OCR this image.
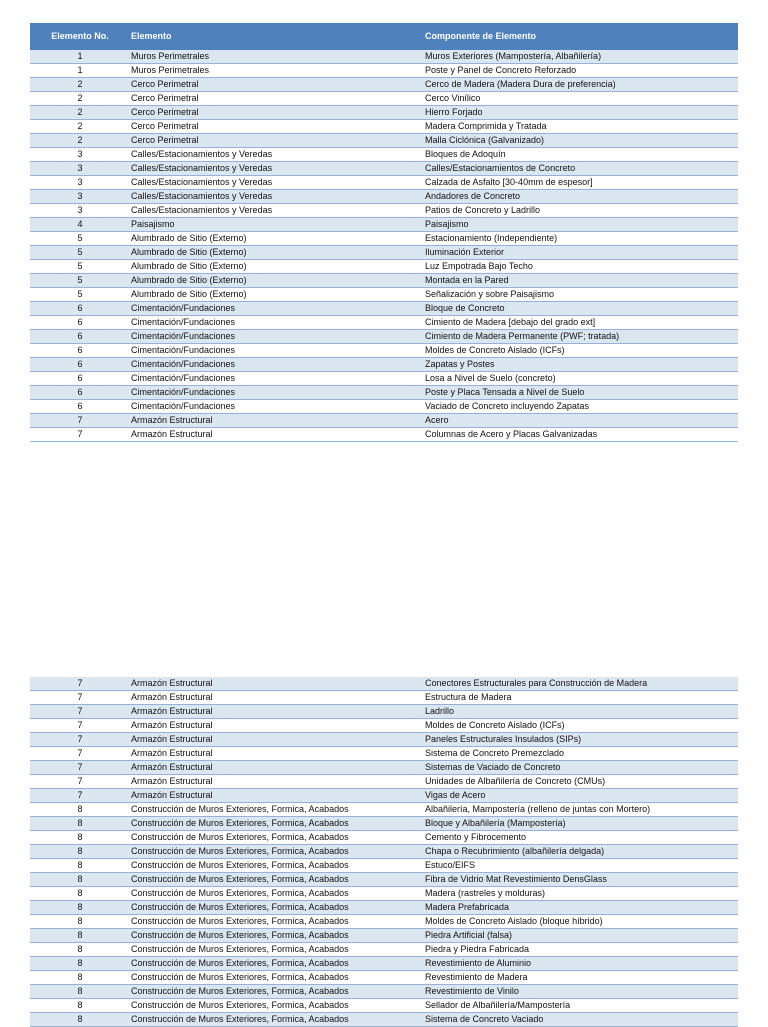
Elemento No.	Elemento	Componente de Elemento
1	Muros Perimetrales	Muros Exteriores (Mampostería, Albañilería)
1	Muros Perimetrales	Poste y Panel de Concreto Reforzado
2	Cerco Perimetral	Cerco de Madera (Madera Dura de preferencia)
2	Cerco Perimetral	Cerco Vinílico
2	Cerco Perimetral	Hierro Forjado
2	Cerco Perimetral	Madera Comprimida y Tratada
2	Cerco Perimetral	Malla Ciclónica (Galvanizado)
3	Calles/Estacionamientos y Veredas	Bloques de Adoquín
3	Calles/Estacionamientos y Veredas	Calles/Estacionamientos de Concreto
3	Calles/Estacionamientos y Veredas	Calzada de Asfalto [30-40mm de espesor]
3	Calles/Estacionamientos y Veredas	Andadores de Concreto
3	Calles/Estacionamientos y Veredas	Patios de Concreto y Ladrillo
4	Paisajismo	Paisajismo
5	Alumbrado de Sitio (Externo)	Estacionamiento (Independiente)
5	Alumbrado de Sitio (Externo)	Iluminación Exterior
5	Alumbrado de Sitio (Externo)	Luz Empotrada Bajo Techo
5	Alumbrado de Sitio (Externo)	Montada en la Pared
5	Alumbrado de Sitio (Externo)	Señalización y sobre Paisajismo
6	Cimentación/Fundaciones	Bloque de Concreto
6	Cimentación/Fundaciones	Cimiento de Madera [debajo del grado ext]
6	Cimentación/Fundaciones	Cimiento de Madera Permanente (PWF; tratada)
6	Cimentación/Fundaciones	Moldes de Concreto Aislado (ICFs)
6	Cimentación/Fundaciones	Zapatas y Postes
6	Cimentación/Fundaciones	Losa a Nivel de Suelo (concreto)
6	Cimentación/Fundaciones	Poste y Placa Tensada a Nivel de Suelo
6	Cimentación/Fundaciones	Vaciado de Concreto incluyendo Zapatas
7	Armazón Estructural	Acero
7	Armazón Estructural	Columnas de Acero y Placas Galvanizadas
7	Armazón Estructural	Conectores Estructurales para Construcción de Madera
7	Armazón Estructural	Estructura de Madera
7	Armazón Estructural	Ladrillo
7	Armazón Estructural	Moldes de Concreto Aislado (ICFs)
7	Armazón Estructural	Paneles Estructurales Insulados (SIPs)
7	Armazón Estructural	Sistema de Concreto Premezclado
7	Armazón Estructural	Sistemas de Vaciado de Concreto
7	Armazón Estructural	Unidades de Albañilería de Concreto (CMUs)
7	Armazón Estructural	Vigas de Acero
8	Construcción de Muros Exteriores, Formica, Acabados	Albañilería, Mampostería (relleno de juntas con Mortero)
8	Construcción de Muros Exteriores, Formica, Acabados	Bloque y Albañilería (Mampostería)
8	Construcción de Muros Exteriores, Formica, Acabados	Cemento y Fibrocemento
8	Construcción de Muros Exteriores, Formica, Acabados	Chapa o Recubrimiento (albañilería delgada)
8	Construcción de Muros Exteriores, Formica, Acabados	Estuco/EIFS
8	Construcción de Muros Exteriores, Formica, Acabados	Fibra de Vidrio Mat Revestimiento DensGlass
8	Construcción de Muros Exteriores, Formica, Acabados	Madera (rastreles y molduras)
8	Construcción de Muros Exteriores, Formica, Acabados	Madera Prefabricada
8	Construcción de Muros Exteriores, Formica, Acabados	Moldes de Concreto Aislado (bloque híbrido)
8	Construcción de Muros Exteriores, Formica, Acabados	Piedra Artificial (falsa)
8	Construcción de Muros Exteriores, Formica, Acabados	Piedra y Piedra Fabricada
8	Construcción de Muros Exteriores, Formica, Acabados	Revestimiento de Aluminio
8	Construcción de Muros Exteriores, Formica, Acabados	Revestimiento de Madera
8	Construcción de Muros Exteriores, Formica, Acabados	Revestimiento de Vinilo
8	Construcción de Muros Exteriores, Formica, Acabados	Sellador de Albañilería/Mampostería
8	Construcción de Muros Exteriores, Formica, Acabados	Sistema de Concreto Vaciado
